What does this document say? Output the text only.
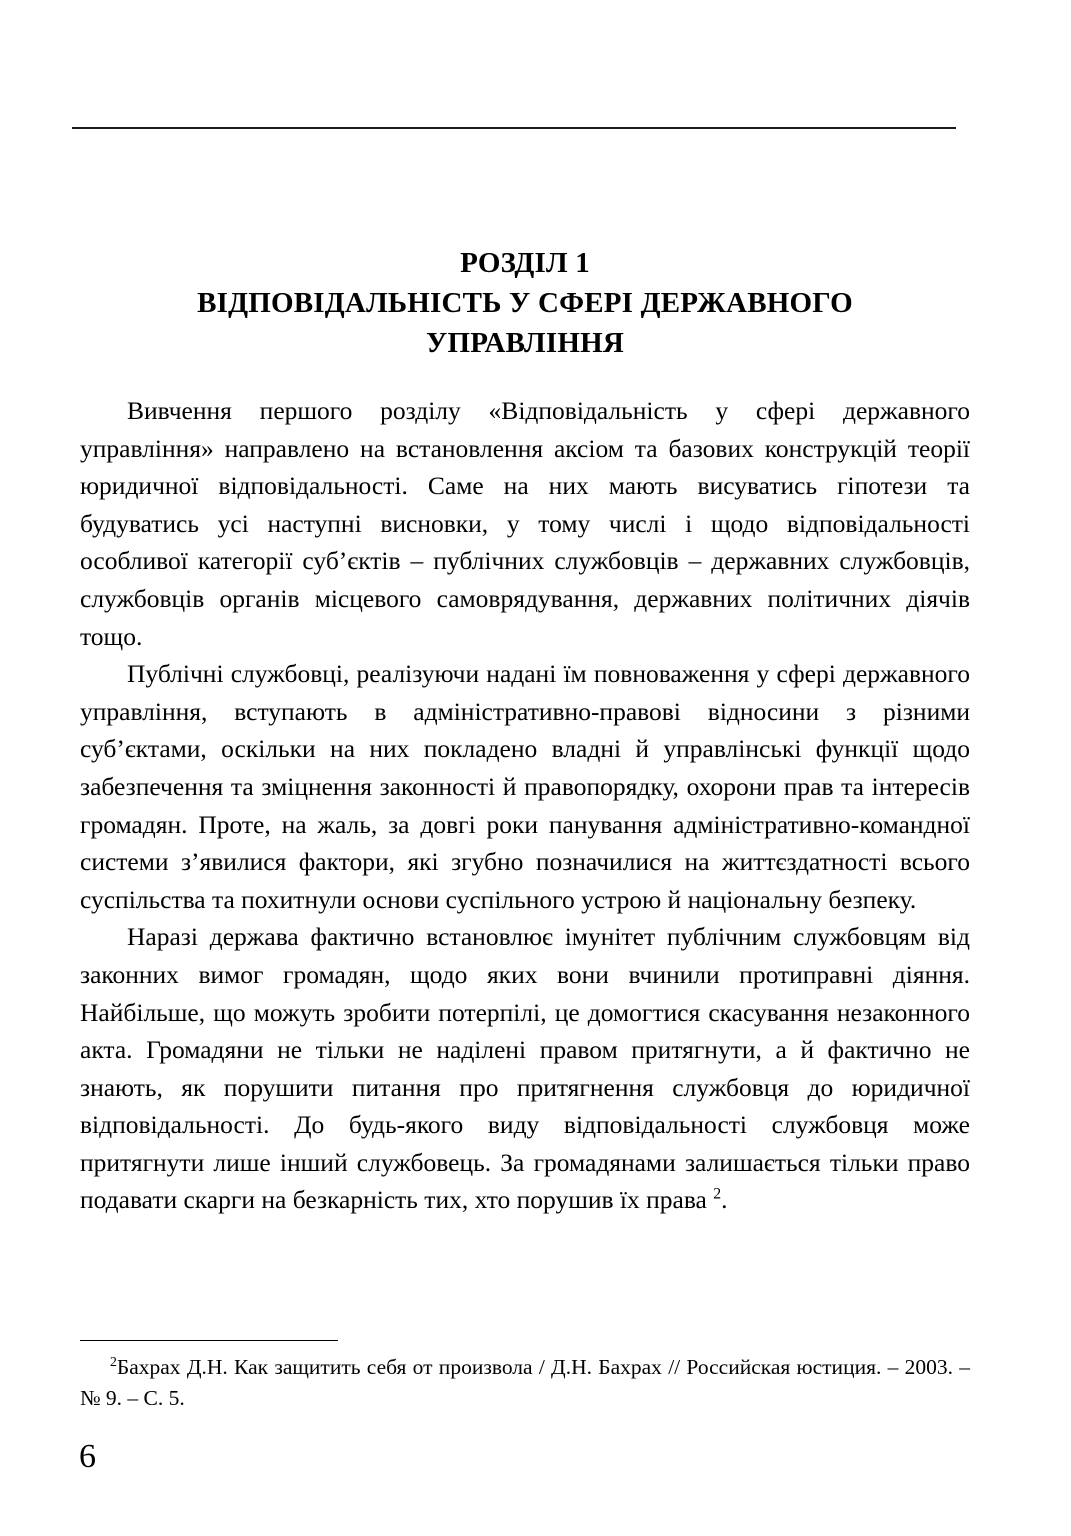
РОЗДІЛ 1
ВІДПОВІДАЛЬНІСТЬ У СФЕРІ ДЕРЖАВНОГО
УПРАВЛІННЯ

Вивчення першого розділу «Відповідальність у сфері державного управління» направлено на встановлення аксіом та базових конструкцій теорії юридичної відповідальності. Саме на них мають висуватись гіпотези та будуватись усі наступні висновки, у тому числі і щодо відповідальності особливої категорії суб’єктів – публічних службовців – державних службовців, службовців органів місцевого самоврядування, державних політичних діячів тощо.

Публічні службовці, реалізуючи надані їм повноваження у сфері державного управління, вступають в адміністративно-правові відносини з різними суб’єктами, оскільки на них покладено владні й управлінські функції щодо забезпечення та зміцнення законності й правопорядку, охорони прав та інтересів громадян. Проте, на жаль, за довгі роки панування адміністративно-командної системи з’явилися фактори, які згубно позначилися на життєздатності всього суспільства та похитнули основи суспільного устрою й національну безпеку.

Наразі держава фактично встановлює імунітет публічним службовцям від законних вимог громадян, щодо яких вони вчинили протиправні діяння. Найбільше, що можуть зробити потерпілі, це домогтися скасування незаконного акта. Громадяни не тільки не наділені правом притягнути, а й фактично не знають, як порушити питання про притягнення службовця до юридичної відповідальності. До будь-якого виду відповідальності службовця може притягнути лише інший службовець. За громадянами залишається тільки право подавати скарги на безкарність тих, хто порушив їх права $^2$.

$^2$Бахрах Д.Н. Как защитить себя от произвола / Д.Н. Бахрах // Российская юстиция. – 2003. – № 9. – С. 5.
6
